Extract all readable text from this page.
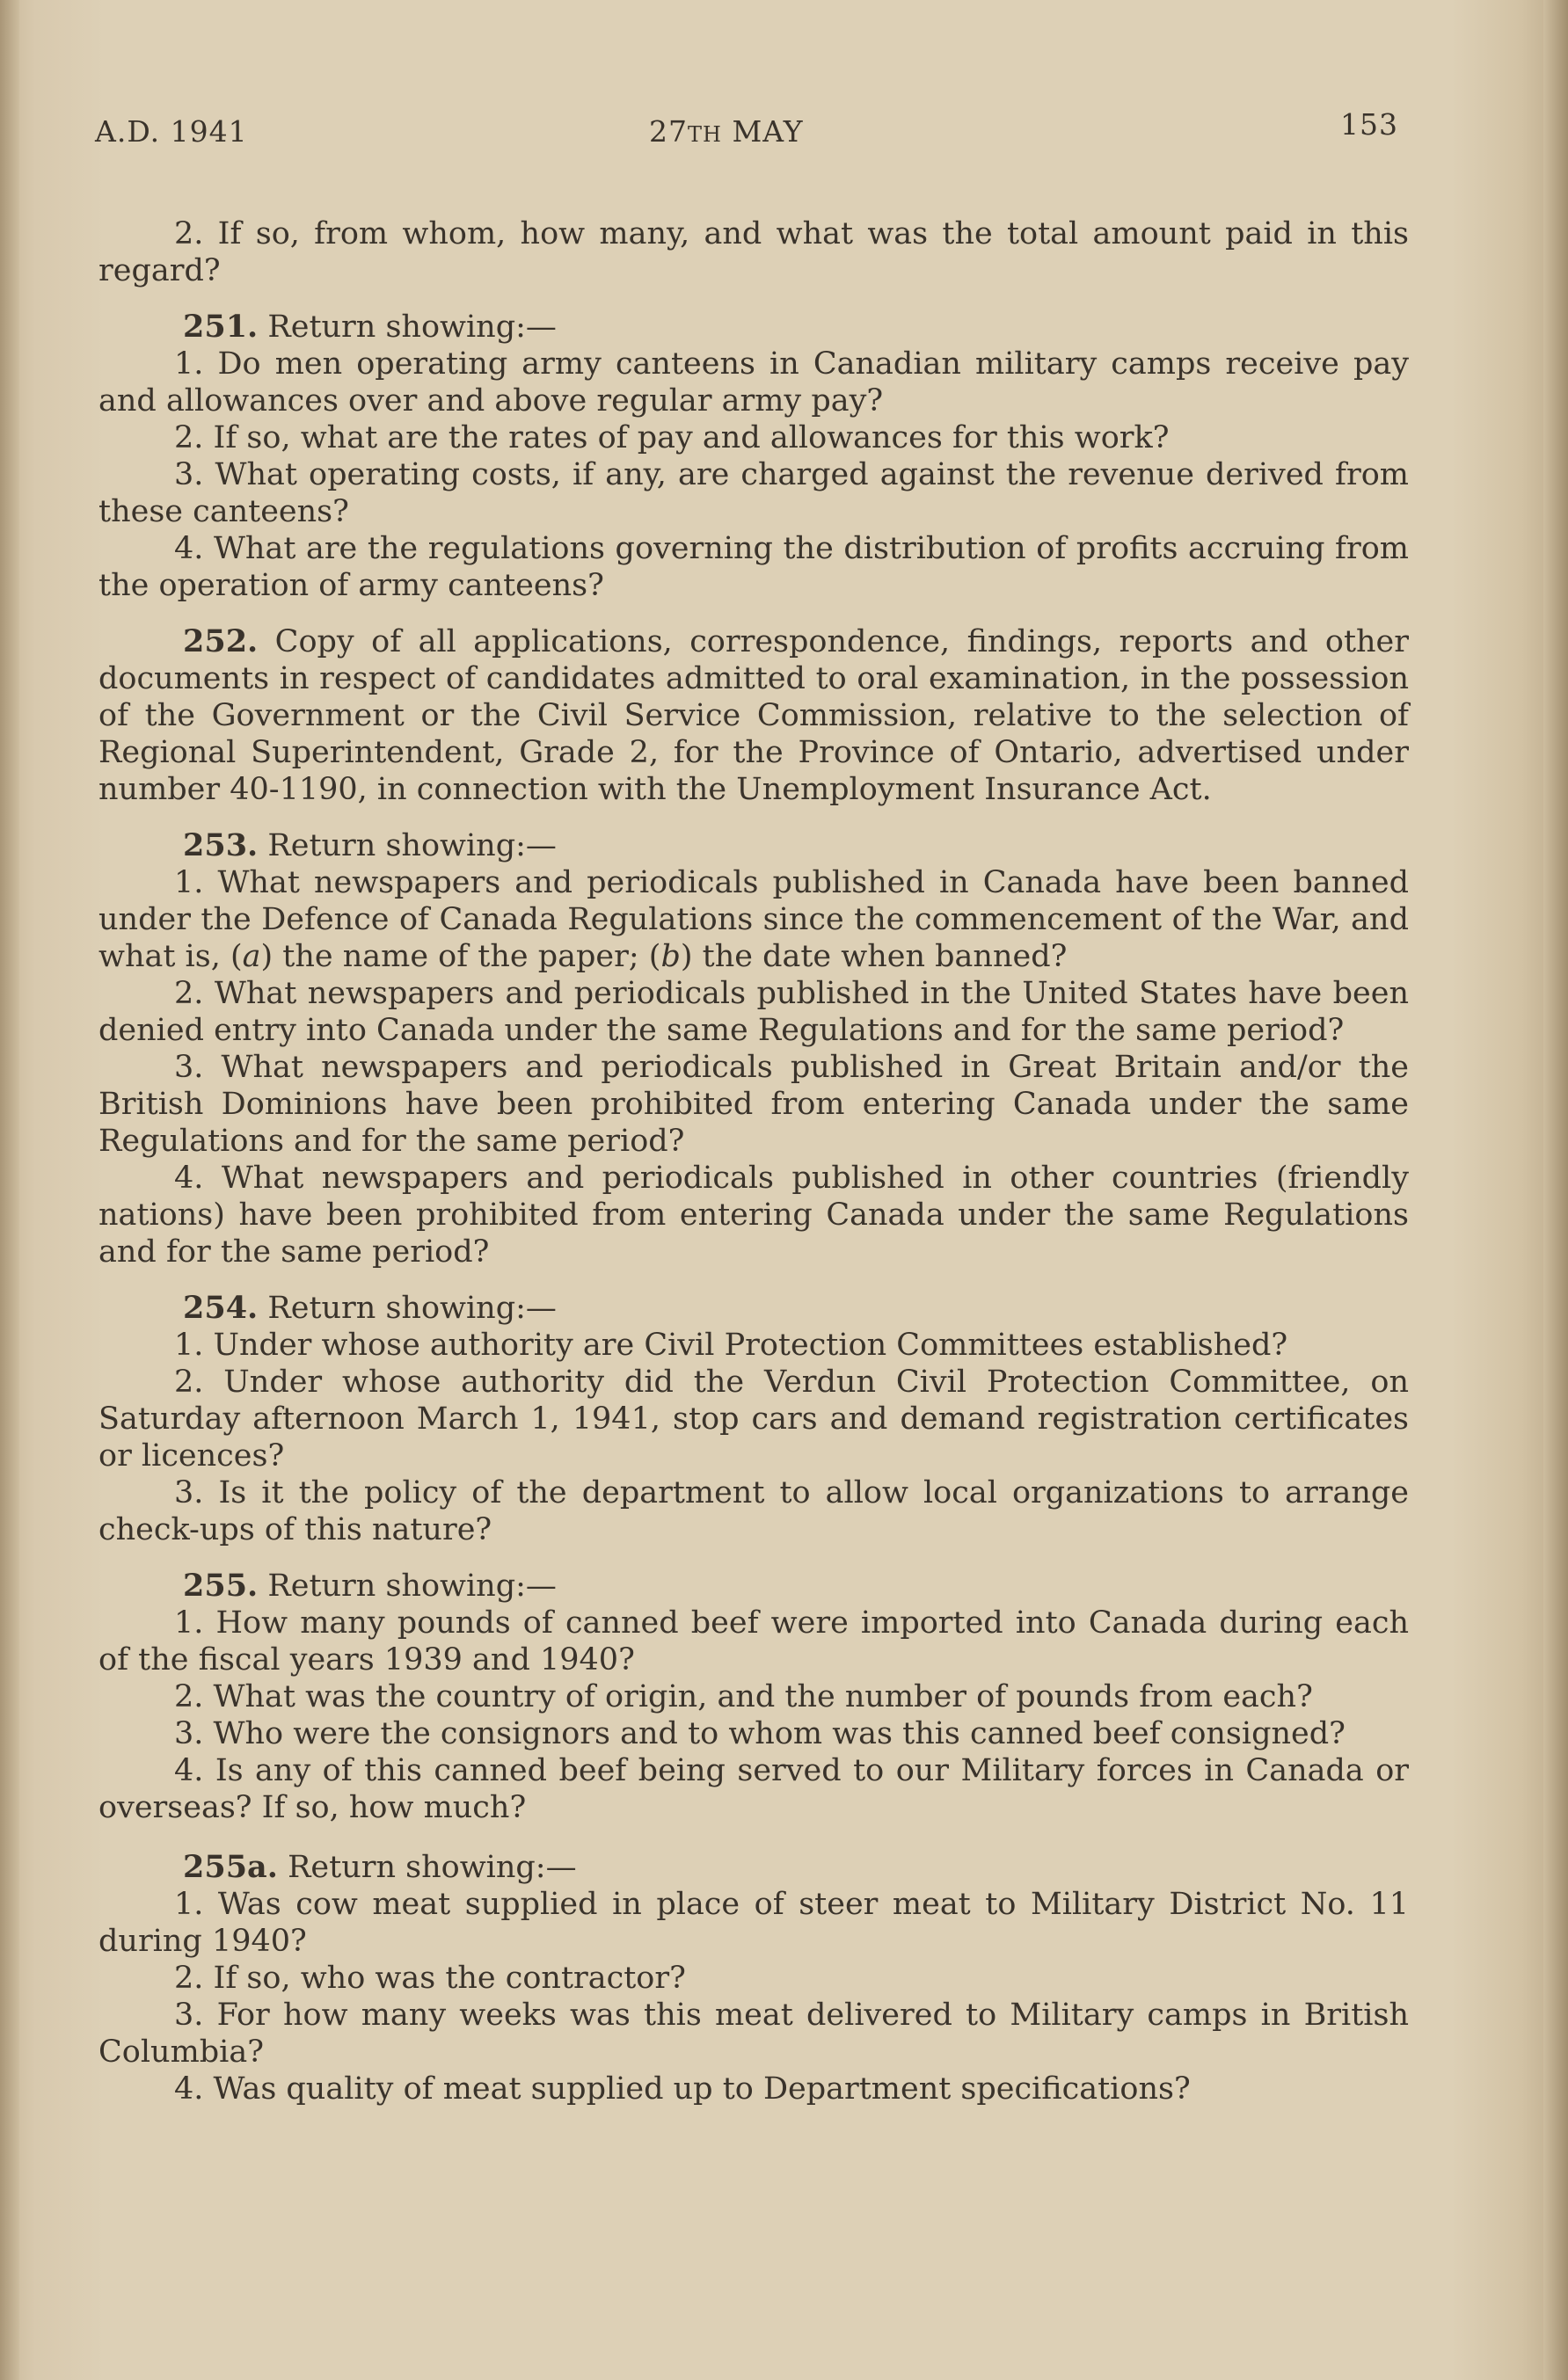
A.D. 1941	27TH MAY	153

2. If so, from whom, how many, and what was the total amount paid in this regard?

251. Return showing:—

1. Do men operating army canteens in Canadian military camps receive pay and allowances over and above regular army pay?

2. If so, what are the rates of pay and allowances for this work?

3. What operating costs, if any, are charged against the revenue derived from these canteens?

4. What are the regulations governing the distribution of profits accruing from the operation of army canteens?

252. Copy of all applications, correspondence, findings, reports and other documents in respect of candidates admitted to oral examination, in the possession of the Government or the Civil Service Commission, relative to the selection of Regional Superintendent, Grade 2, for the Province of Ontario, advertised under number 40-1190, in connection with the Unemployment Insurance Act.

253. Return showing:—

1. What newspapers and periodicals published in Canada have been banned under the Defence of Canada Regulations since the commencement of the War, and what is, (a) the name of the paper; (b) the date when banned?

2. What newspapers and periodicals published in the United States have been denied entry into Canada under the same Regulations and for the same period?

3. What newspapers and periodicals published in Great Britain and/or the British Dominions have been prohibited from entering Canada under the same Regulations and for the same period?

4. What newspapers and periodicals published in other countries (friendly nations) have been prohibited from entering Canada under the same Regulations and for the same period?

254. Return showing:—

1. Under whose authority are Civil Protection Committees established?

2. Under whose authority did the Verdun Civil Protection Committee, on Saturday afternoon March 1, 1941, stop cars and demand registration certificates or licences?

3. Is it the policy of the department to allow local organizations to arrange check-ups of this nature?

255. Return showing:—

1. How many pounds of canned beef were imported into Canada during each of the fiscal years 1939 and 1940?

2. What was the country of origin, and the number of pounds from each?

3. Who were the consignors and to whom was this canned beef consigned?

4. Is any of this canned beef being served to our Military forces in Canada or overseas? If so, how much?

255a. Return showing:—

1. Was cow meat supplied in place of steer meat to Military District No. 11 during 1940?

2. If so, who was the contractor?

3. For how many weeks was this meat delivered to Military camps in British Columbia?

4. Was quality of meat supplied up to Department specifications?
